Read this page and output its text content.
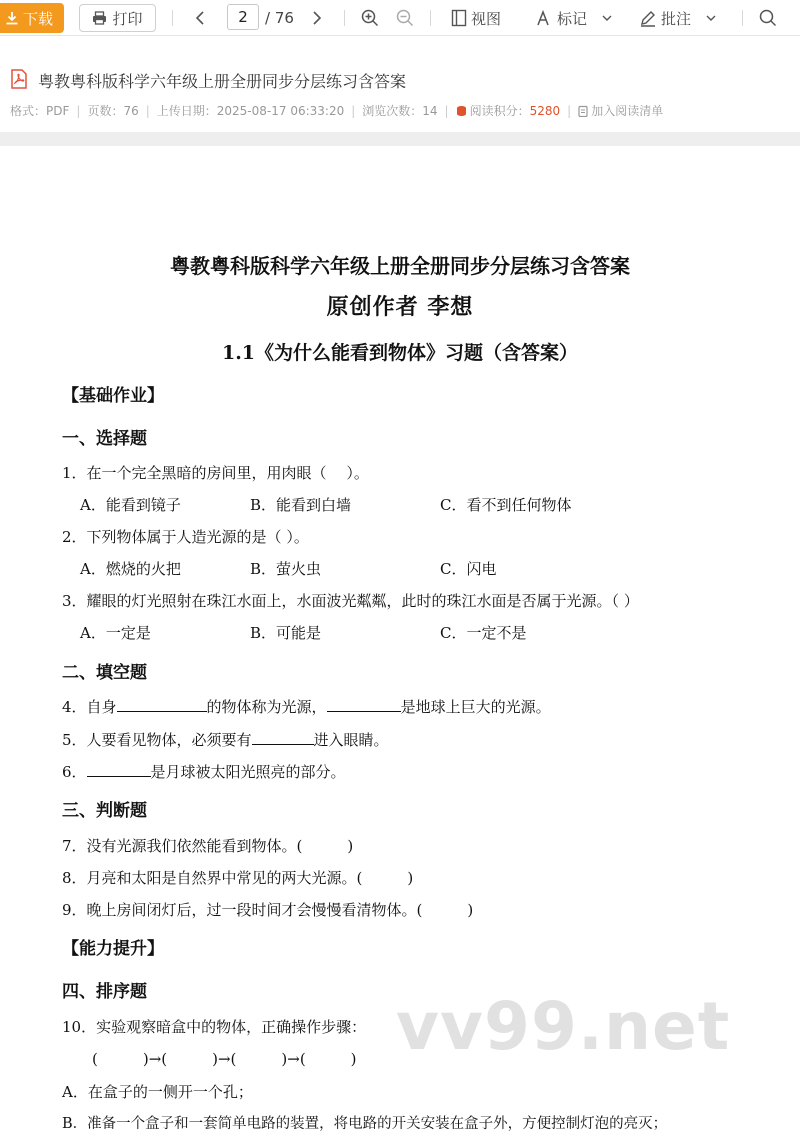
下载	打印	2	/ 76	视图	标记	批注
粤教粤科版科学六年级上册全册同步分层练习含答案
格式：PDF | 页数：76 | 上传日期：2025-08-17 06:33:20 | 浏览次数：14 | 阅读积分： 5280 | 加入阅读清单
粤教粤科版科学六年级上册全册同步分层练习含答案
原创作者 李想
1.1《为什么能看到物体》习题（含答案）
【基础作业】
一、选择题
1．在一个完全黑暗的房间里，用肉眼（　 ）。
A．能看到镜子	B．能看到白墙	C．看不到任何物体
2．下列物体属于人造光源的是（ ）。
A．燃烧的火把	B．萤火虫	C．闪电
3．耀眼的灯光照射在珠江水面上，水面波光粼粼，此时的珠江水面是否属于光源。（ ）
A．一定是	B．可能是	C．一定不是
二、填空题
4．自身	的物体称为光源，	是地球上巨大的光源。
5．人要看见物体，必须要有	进入眼睛。
6．	是月球被太阳光照亮的部分。
三、判断题
7．没有光源我们依然能看到物体。(　　　)
8．月亮和太阳是自然界中常见的两大光源。(　　　)
9．晚上房间闭灯后，过一段时间才会慢慢看清物体。(　　　)
【能力提升】
四、排序题
10．实验观察暗盒中的物体，正确操作步骤：
(　　　)→(　　　)→(　　　)→(　　　)
A．在盒子的一侧开一个孔；
B．准备一个盒子和一套简单电路的装置，将电路的开关安装在盒子外，方便控制灯泡的亮灭；
vv99.net
